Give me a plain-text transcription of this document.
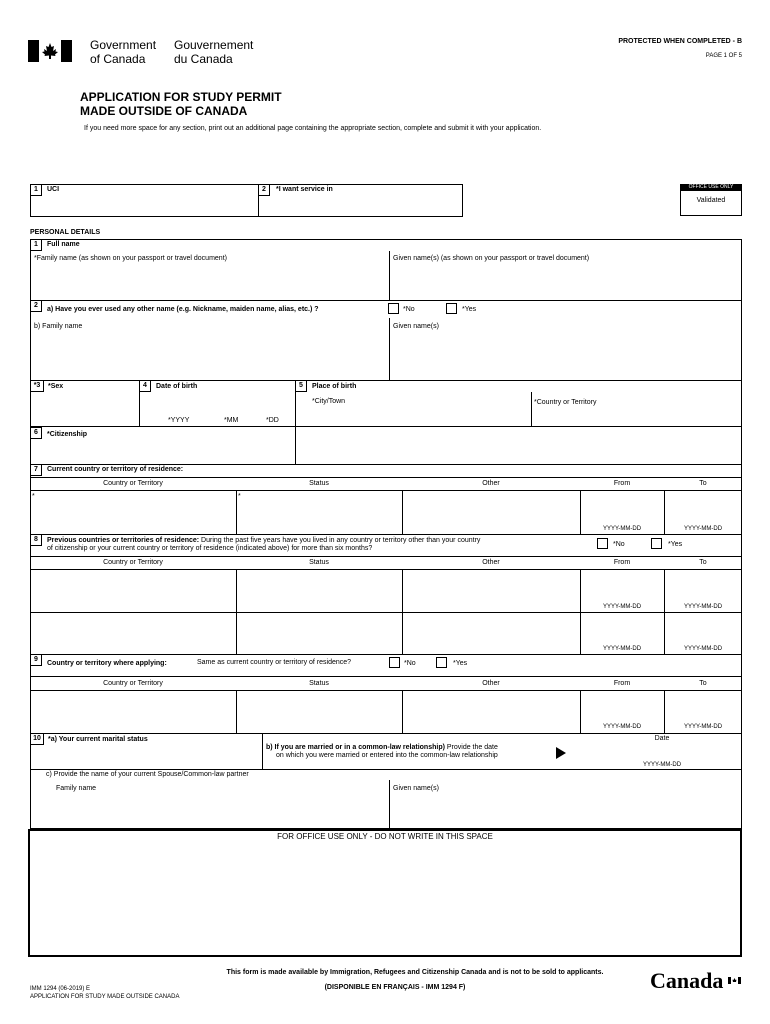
Government
of Canada
Gouvernement
du Canada
PROTECTED WHEN COMPLETED - B
PAGE 1 OF 5
APPLICATION FOR STUDY PERMIT
MADE OUTSIDE OF CANADA
If you need more space for any section, print out an additional page containing the appropriate section, complete and submit it with your application.
1	UCI	2	*I want service in	OFFICE USE ONLY
Validated
PERSONAL DETAILS
1	Full name
*Family name (as shown on your passport or travel document)	Given name(s) (as shown on your passport or travel document)
2
a) Have you ever used any other name (e.g. Nickname, maiden name, alias, etc.) ?	*No	*Yes
b) Family name	Given name(s)
*3	*Sex	4	Date of birth
*YYYY	*MM	*DD
5	Place of birth
*City/Town	*Country or Territory
6	*Citizenship
7	Current country or territory of residence:
Country or Territory	Status	Other	From	To
*	*
YYYY-MM-DD	YYYY-MM-DD
8	Previous countries or territories of residence: During the past five years have you lived in any country or territory other than your country
of citizenship or your current country or territory of residence (indicated above) for more than six months?
*No	*Yes
Country or Territory	Status	Other	From	To
YYYY-MM-DD	YYYY-MM-DD
YYYY-MM-DD	YYYY-MM-DD
9
Country or territory where applying:	Same as current country or territory of residence?	*No	*Yes
Country or Territory	Status	Other	From	To
YYYY-MM-DD	YYYY-MM-DD
10	*a) Your current marital status
b) If you are married or in a common-law relationship) Provide the date
on which you were married or entered into the common-law relationship
Date
YYYY-MM-DD
c) Provide the name of your current Spouse/Common-law partner
Family name	Given name(s)
FOR OFFICE USE ONLY - DO NOT WRITE IN THIS SPACE
This form is made available by Immigration, Refugees and Citizenship Canada and is not to be sold to applicants.
(DISPONIBLE EN FRANÇAIS - IMM 1294 F)
IMM 1294 (06-2019) E
APPLICATION FOR STUDY MADE OUTSIDE CANADA
Canada
